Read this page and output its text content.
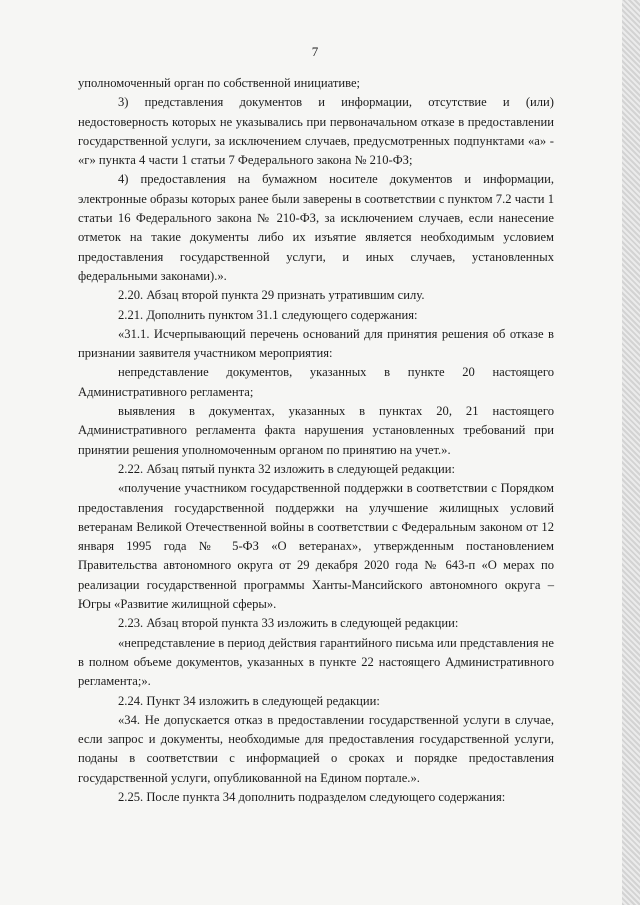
7

уполномоченный орган по собственной инициативе;

3) представления документов и информации, отсутствие и (или) недостоверность которых не указывались при первоначальном отказе в предоставлении государственной услуги, за исключением случаев, предусмотренных подпунктами «а» - «г» пункта 4 части 1 статьи 7 Федерального закона № 210-ФЗ;

4) предоставления на бумажном носителе документов и информации, электронные образы которых ранее были заверены в соответствии с пунктом 7.2 части 1 статьи 16 Федерального закона № 210-ФЗ, за исключением случаев, если нанесение отметок на такие документы либо их изъятие является необходимым условием предоставления государственной услуги, и иных случаев, установленных федеральными законами).».

2.20. Абзац второй пункта 29 признать утратившим силу.

2.21. Дополнить пунктом 31.1 следующего содержания:

«31.1. Исчерпывающий перечень оснований для принятия решения об отказе в признании заявителя участником мероприятия:

непредставление документов, указанных в пункте 20 настоящего Административного регламента;

выявления в документах, указанных в пунктах 20, 21 настоящего Административного регламента факта нарушения установленных требований при принятии решения уполномоченным органом по принятию на учет.».

2.22. Абзац пятый пункта 32 изложить в следующей редакции:

«получение участником государственной поддержки в соответствии с Порядком предоставления государственной поддержки на улучшение жилищных условий ветеранам Великой Отечественной войны в соответствии с Федеральным законом от 12 января 1995 года № 5-ФЗ «О ветеранах», утвержденным постановлением Правительства автономного округа от 29 декабря 2020 года № 643-п «О мерах по реализации государственной программы Ханты-Мансийского автономного округа – Югры «Развитие жилищной сферы».

2.23. Абзац второй пункта 33 изложить в следующей редакции:

«непредставление в период действия гарантийного письма или представления не в полном объеме документов, указанных в пункте 22 настоящего Административного регламента;».

2.24. Пункт 34 изложить в следующей редакции:

«34. Не допускается отказ в предоставлении государственной услуги в случае, если запрос и документы, необходимые для предоставления государственной услуги, поданы в соответствии с информацией о сроках и порядке предоставления государственной услуги, опубликованной на Едином портале.».

2.25. После пункта 34 дополнить подразделом следующего содержания:
